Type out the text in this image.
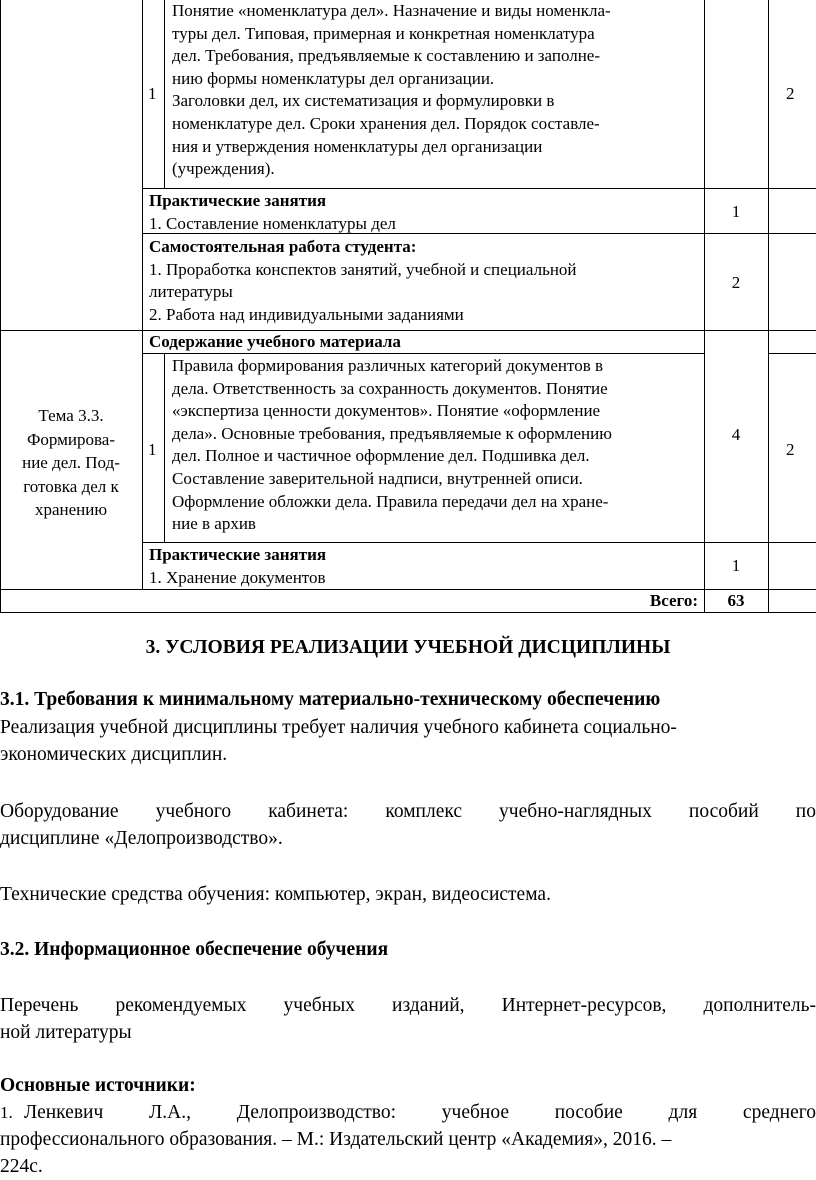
1
Понятие «номенклатура дел». Назначение и виды номенкла-
туры дел. Типовая, примерная и конкретная номенклатура
дел. Требования, предъявляемые к составлению и заполне-
нию формы номенклатуры дел организации.
Заголовки дел, их систематизация и формулировки в
номенклатуре дел. Сроки хранения дел. Порядок составле-
ния и утверждения номенклатуры дел организации
(учреждения).
2
Практические занятия
1. Составление номенклатуры дел
1
Самостоятельная работа студента:
1. Проработка конспектов занятий, учебной и специальной
литературы
2. Работа над индивидуальными заданиями
2
Тема 3.3.
Формирова-
ние дел. Под-
готовка дел к
хранению
Содержание учебного материала
1
Правила формирования различных категорий документов в
дела. Ответственность за сохранность документов. Понятие
«экспертиза ценности документов». Понятие «оформление
дела». Основные требования, предъявляемые к оформлению
дел. Полное и частичное оформление дел. Подшивка дел.
Составление заверительной надписи, внутренней описи.
Оформление обложки дела. Правила передачи дел на хране-
ние в архив
4
2
Практические занятия
1. Хранение документов
1
Всего:	63
3. УСЛОВИЯ РЕАЛИЗАЦИИ УЧЕБНОЙ ДИСЦИПЛИНЫ
3.1. Требования к минимальному материально-техническому обеспечению
Реализация учебной дисциплины требует наличия учебного кабинета социально-
экономических дисциплин.
Оборудование учебного кабинета: комплекс учебно-наглядных пособий по
дисциплине «Делопроизводство».
Технические средства обучения: компьютер, экран, видеосистема.
3.2. Информационное обеспечение обучения
Перечень рекомендуемых учебных изданий, Интернет-ресурсов, дополнитель-
ной литературы
Основные источники:
1. Ленкевич Л.А., Делопроизводство: учебное пособие для среднего
профессионального образования. – М.: Издательский центр «Академия», 2016. –
224с.
